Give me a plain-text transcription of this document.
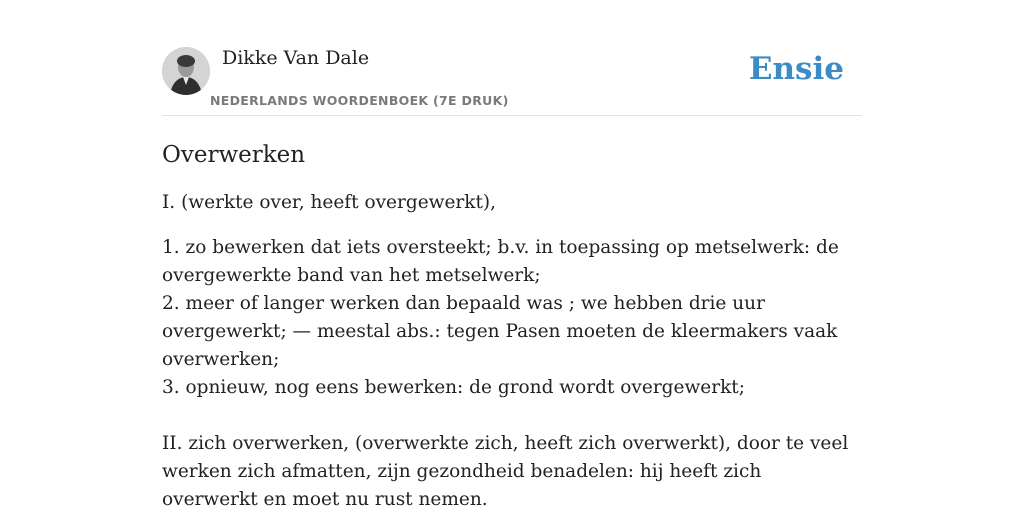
Dikke Van Dale
NEDERLANDS WOORDENBOEK (7E DRUK)
Ensie
Overwerken
I. (werkte over, heeft overgewerkt),

1. zo bewerken dat iets oversteekt; b.v. in toepassing op metselwerk: de overgewerkte band van het metselwerk;

2. meer of langer werken dan bepaald was ; we hebben drie uur overgewerkt; — meestal abs.: tegen Pasen moeten de kleermakers vaak overwerken;

3. opnieuw, nog eens bewerken: de grond wordt overgewerkt;

II. zich overwerken, (overwerkte zich, heeft zich overwerkt), door te veel werken zich afmatten, zijn gezondheid benadelen: hij heeft zich overwerkt en moet nu rust nemen.
